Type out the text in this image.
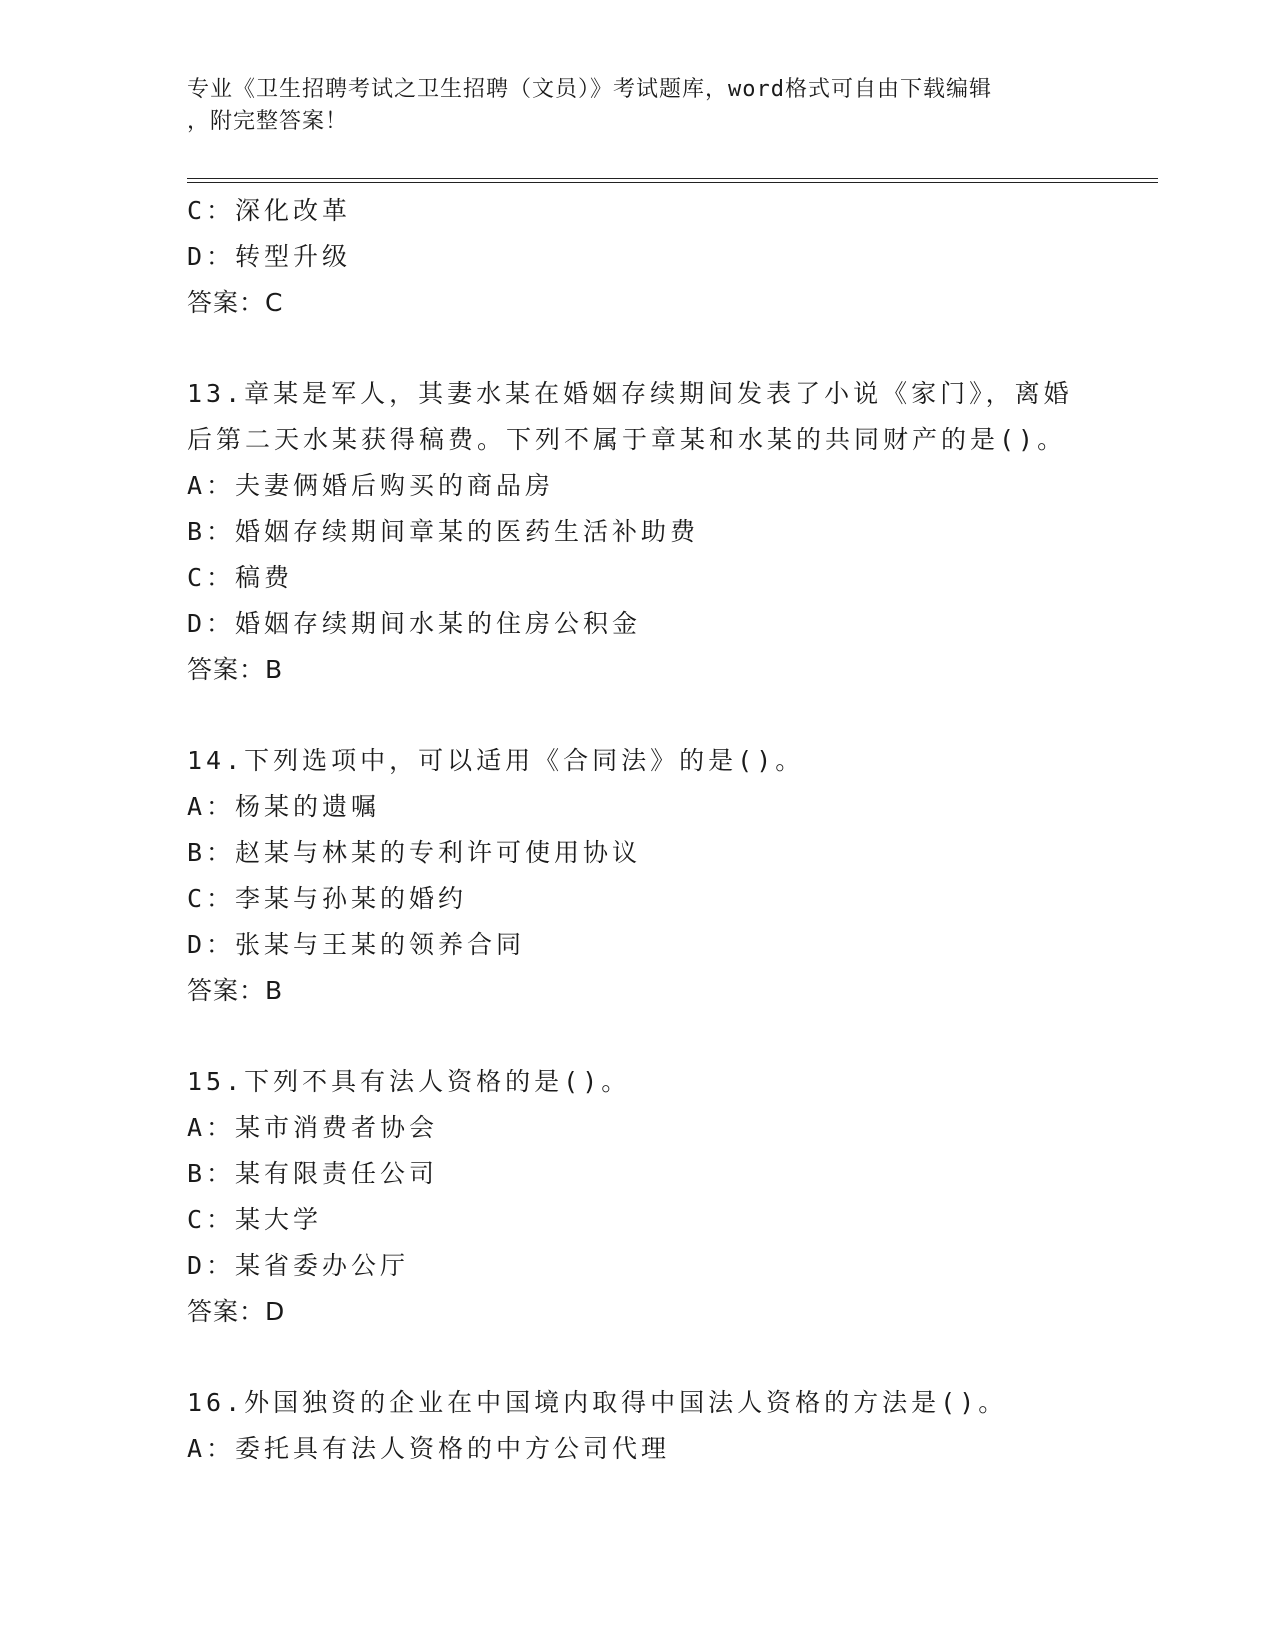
专业《卫生招聘考试之卫生招聘（文员）》考试题库，word格式可自由下载编辑
，附完整答案！
C：深化改革
D：转型升级
答案：C
13.章某是军人，其妻水某在婚姻存续期间发表了小说《家门》，离婚
后第二天水某获得稿费。下列不属于章某和水某的共同财产的是()。
A：夫妻俩婚后购买的商品房
B：婚姻存续期间章某的医药生活补助费
C：稿费
D：婚姻存续期间水某的住房公积金
答案：B
14.下列选项中，可以适用《合同法》的是()。
A：杨某的遗嘱
B：赵某与林某的专利许可使用协议
C：李某与孙某的婚约
D：张某与王某的领养合同
答案：B
15.下列不具有法人资格的是()。
A：某市消费者协会
B：某有限责任公司
C：某大学
D：某省委办公厅
答案：D
16.外国独资的企业在中国境内取得中国法人资格的方法是()。
A：委托具有法人资格的中方公司代理
